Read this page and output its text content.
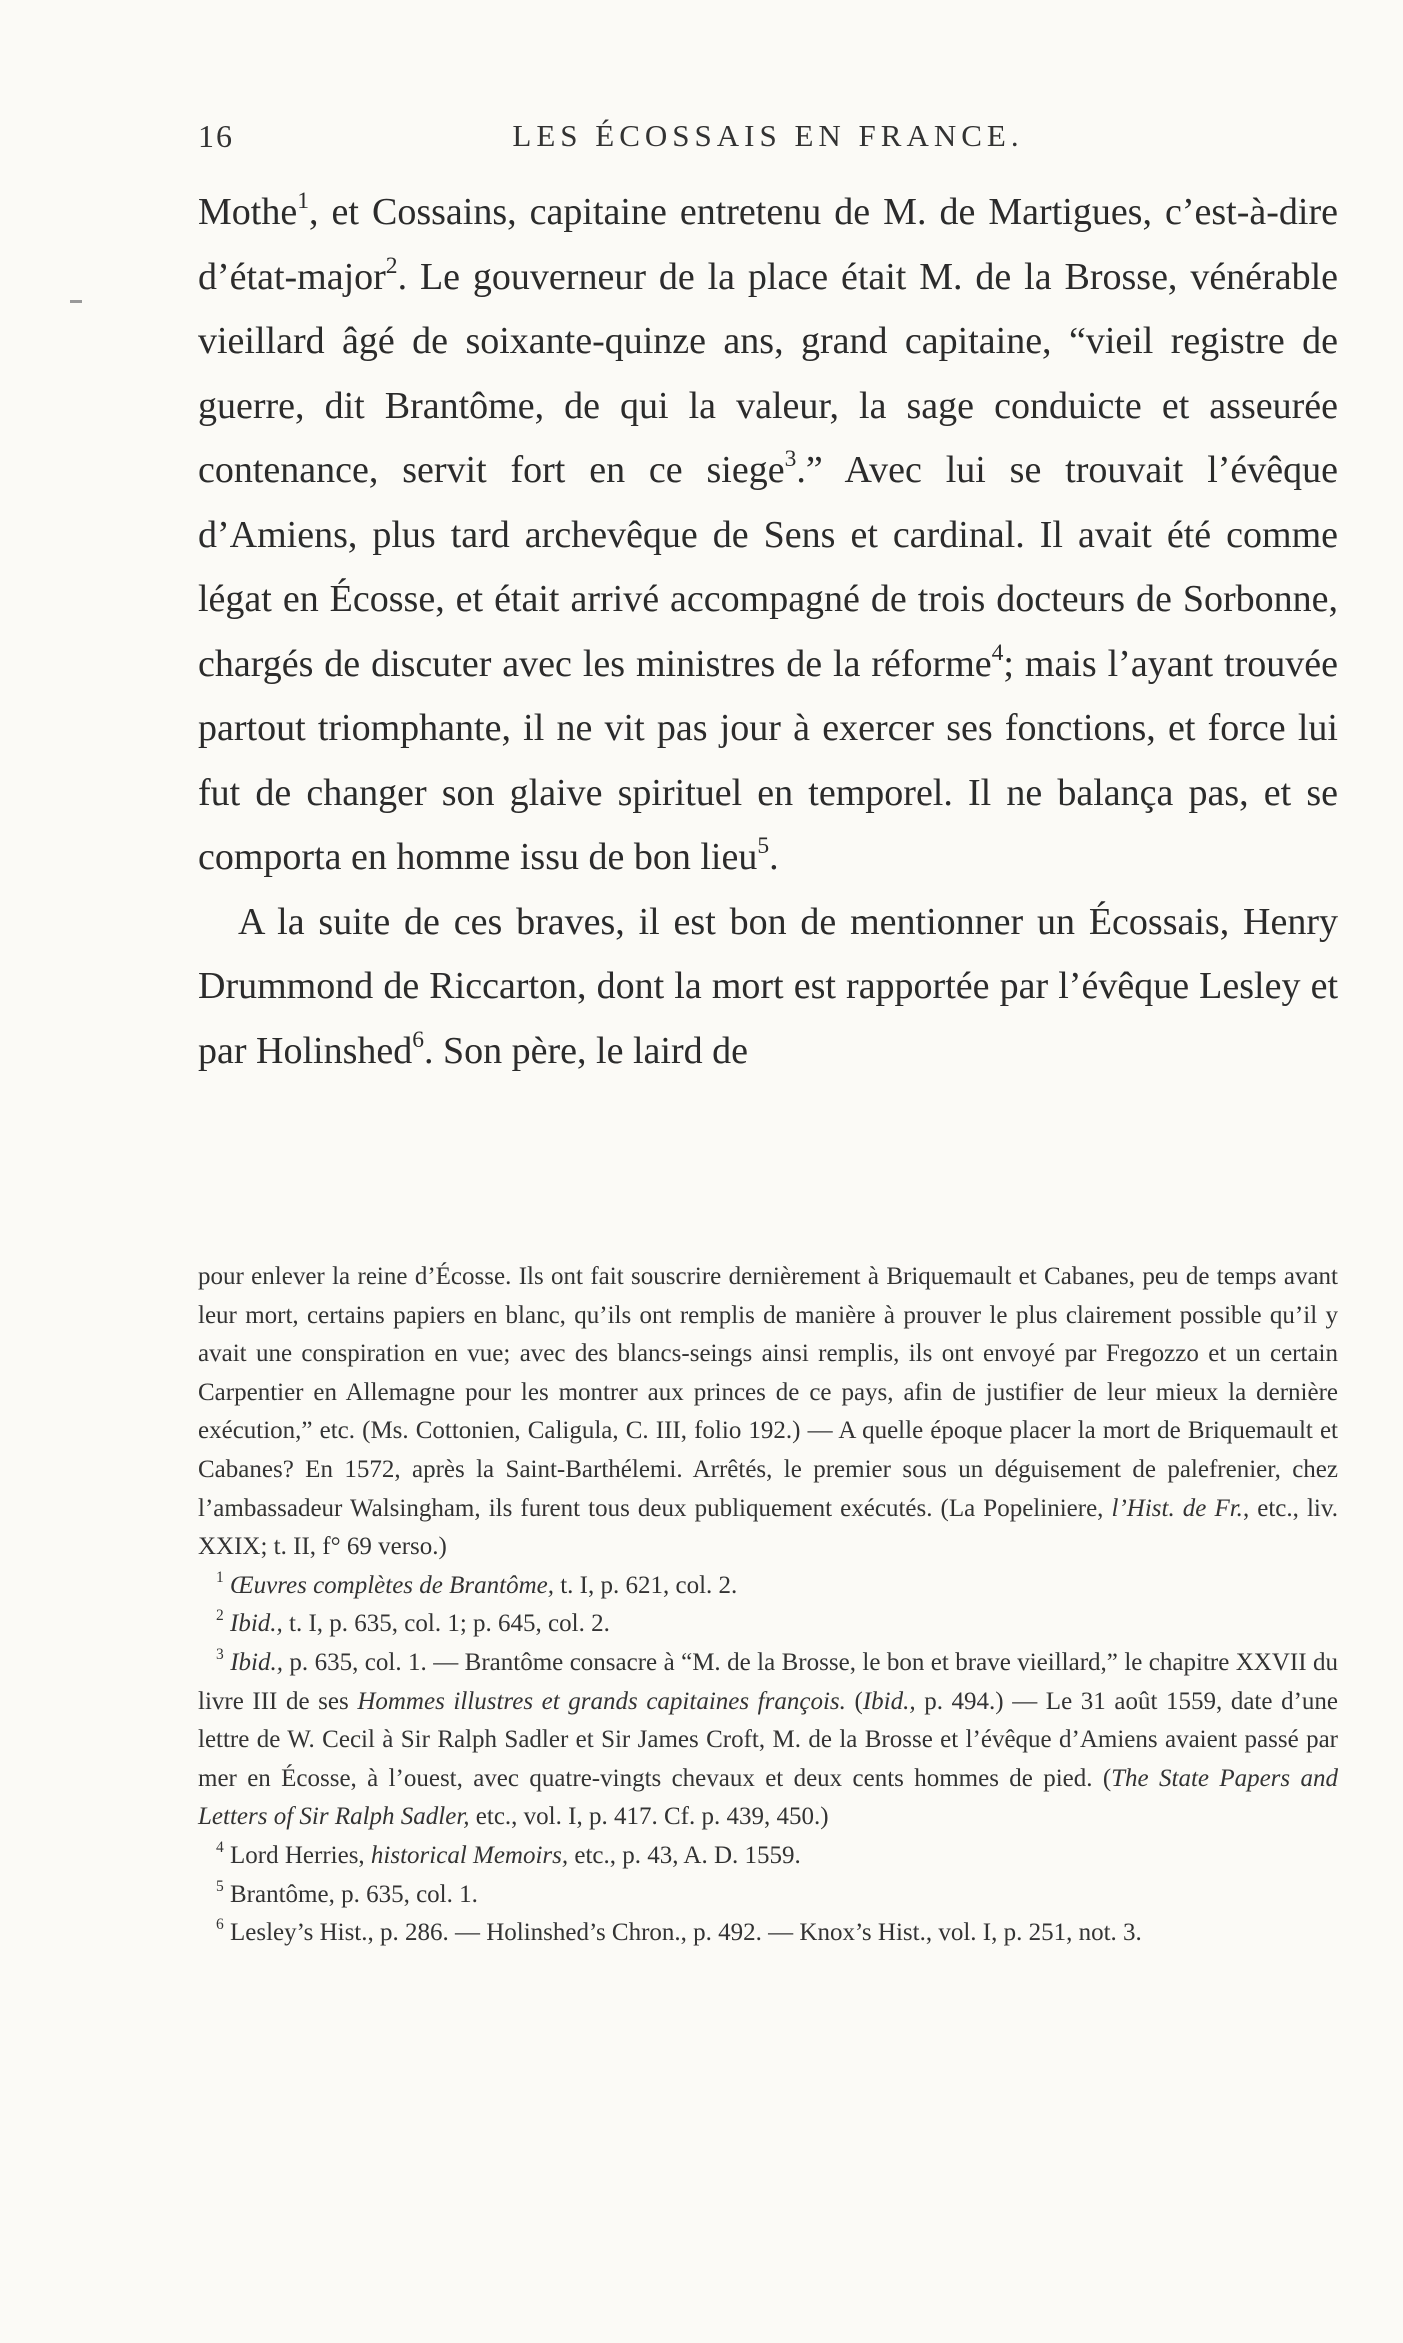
16	LES ÉCOSSAIS EN FRANCE.

Mothe$^1$, et Cossains, capitaine entretenu de M. de Martigues, c’est-à-dire d’état-major$^2$. Le gouverneur de la place était M. de la Brosse, vénérable vieillard âgé de soixante-quinze ans, grand capitaine, “vieil registre de guerre, dit Brantôme, de qui la valeur, la sage conduicte et asseurée contenance, servit fort en ce siege$^3$.” Avec lui se trouvait l’évêque d’Amiens, plus tard archevêque de Sens et cardinal. Il avait été comme légat en Écosse, et était arrivé accompagné de trois docteurs de Sorbonne, chargés de discuter avec les ministres de la réforme$^4$; mais l’ayant trouvée partout triomphante, il ne vit pas jour à exercer ses fonctions, et force lui fut de changer son glaive spirituel en temporel. Il ne balança pas, et se comporta en homme issu de bon lieu$^5$.

A la suite de ces braves, il est bon de mentionner un Écossais, Henry Drummond de Riccarton, dont la mort est rapportée par l’évêque Lesley et par Holinshed$^6$. Son père, le laird de

pour enlever la reine d’Écosse. Ils ont fait souscrire dernièrement à Briquemault et Cabanes, peu de temps avant leur mort, certains papiers en blanc, qu’ils ont remplis de manière à prouver le plus clairement possible qu’il y avait une conspiration en vue; avec des blancs-seings ainsi remplis, ils ont envoyé par Fregozzo et un certain Carpentier en Allemagne pour les montrer aux princes de ce pays, afin de justifier de leur mieux la dernière exécution,” etc. (Ms. Cottonien, Caligula, C. III, folio 192.) — A quelle époque placer la mort de Briquemault et Cabanes? En 1572, après la Saint-Barthélemi. Arrêtés, le premier sous un déguisement de palefrenier, chez l’ambassadeur Walsingham, ils furent tous deux publiquement exécutés. (La Popeliniere, l’Hist. de Fr., etc., liv. XXIX; t. II, f° 69 verso.)

$^1$ Œuvres complètes de Brantôme, t. I, p. 621, col. 2.

$^2$ Ibid., t. I, p. 635, col. 1; p. 645, col. 2.

$^3$ Ibid., p. 635, col. 1. — Brantôme consacre à “M. de la Brosse, le bon et brave vieillard,” le chapitre XXVII du livre III de ses Hommes illustres et grands capitaines françois. (Ibid., p. 494.) — Le 31 août 1559, date d’une lettre de W. Cecil à Sir Ralph Sadler et Sir James Croft, M. de la Brosse et l’évêque d’Amiens avaient passé par mer en Écosse, à l’ouest, avec quatre-vingts chevaux et deux cents hommes de pied. (The State Papers and Letters of Sir Ralph Sadler, etc., vol. I, p. 417. Cf. p. 439, 450.)

$^4$ Lord Herries, historical Memoirs, etc., p. 43, A. D. 1559.

$^5$ Brantôme, p. 635, col. 1.

$^6$ Lesley’s Hist., p. 286. — Holinshed’s Chron., p. 492. — Knox’s Hist., vol. I, p. 251, not. 3.
